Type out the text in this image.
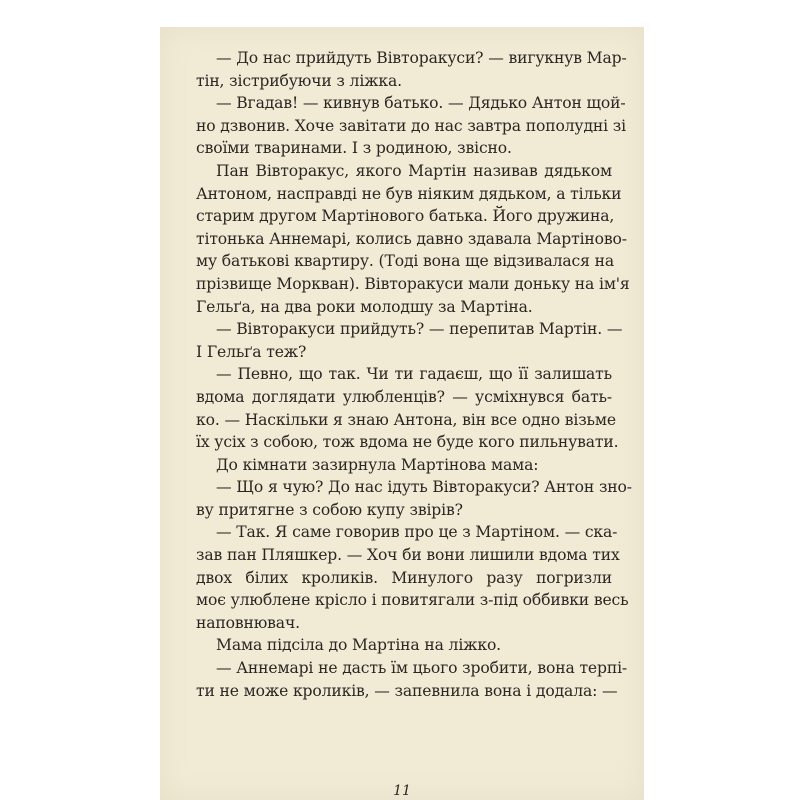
— До нас прийдуть Вівторакуси? — вигукнув Мар-
тін, зістрибуючи з ліжка.
— Вгадав! — кивнув батько. — Дядько Антон щой-
но дзвонив. Хоче завітати до нас завтра пополудні зі
своїми тваринами. І з родиною, звісно.
Пан Вівторакус, якого Мартін називав дядьком
Антоном, насправді не був ніяким дядьком, а тільки
старим другом Мартінового батька. Його дружина,
тітонька Аннемарі, колись давно здавала Мартіново-
му батькові квартиру. (Тоді вона ще відзивалася на
прізвище Моркван). Вівторакуси мали доньку на ім'я
Гельґа, на два роки молодшу за Мартіна.
— Вівторакуси прийдуть? — перепитав Мартін. —
І Гельґа теж?
— Певно, що так. Чи ти гадаєш, що її залишать
вдома доглядати улюбленців? — усміхнувся бать-
ко. — Наскільки я знаю Антона, він все одно візьме
їх усіх з собою, тож вдома не буде кого пильнувати.
До кімнати зазирнула Мартінова мама:
— Що я чую? До нас ідуть Вівторакуси? Антон зно-
ву притягне з собою купу звірів?
— Так. Я саме говорив про це з Мартіном. — ска-
зав пан Пляшкер. — Хоч би вони лишили вдома тих
двох білих кроликів. Минулого разу погризли
моє улюблене крісло і повитягали з-під оббивки весь
наповнювач.
Мама підсіла до Мартіна на ліжко.
— Аннемарі не дасть їм цього зробити, вона терпі-
ти не може кроликів, — запевнила вона і додала: —
11
